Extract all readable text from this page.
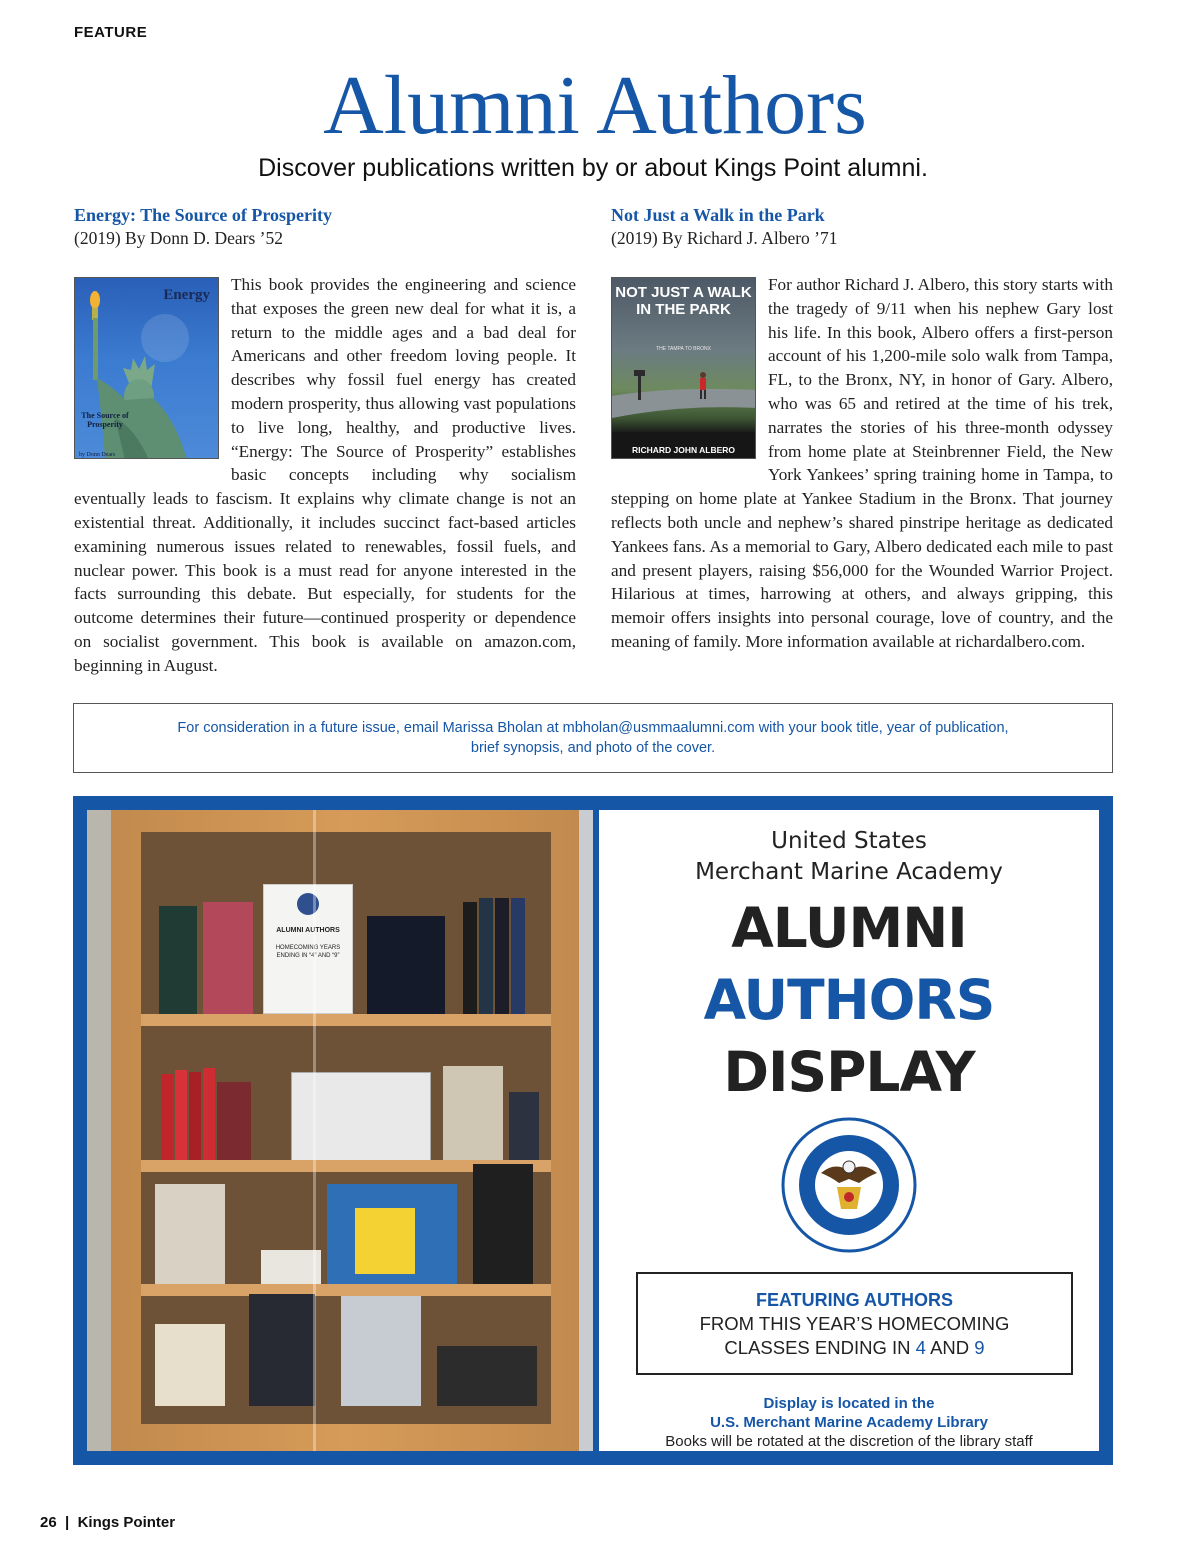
FEATURE
Alumni Authors
Discover publications written by or about Kings Point alumni.
Energy: The Source of Prosperity
(2019) By Donn D. Dears ’52
Energy
The Source of Prosperity
by Donn Dears
This book provides the engineering and science that exposes the green new deal for what it is, a return to the middle ages and a bad deal for Americans and other freedom loving people. It describes why fossil fuel energy has created modern prosperity, thus allowing vast populations to live long, healthy, and productive lives. “Energy: The Source of Prosperity” establishes basic concepts including why socialism eventually leads to fascism. It explains why climate change is not an existential threat. Additionally, it includes succinct fact-based articles examining numerous issues related to renewables, fossil fuels, and nuclear power. This book is a must read for anyone interested in the facts surrounding this debate. But especially, for students for the outcome determines their future—continued prosperity or dependence on socialist government. This book is available on amazon.com, beginning in August.
Not Just a Walk in the Park
(2019) By Richard J. Albero ’71
NOT JUST A WALK IN THE PARK
THE TAMPA TO BRONX
RICHARD JOHN ALBERO
For author Richard J. Albero, this story starts with the tragedy of 9/11 when his nephew Gary lost his life. In this book, Albero offers a first-person account of his 1,200-mile solo walk from Tampa, FL, to the Bronx, NY, in honor of Gary. Albero, who was 65 and retired at the time of his trek, narrates the stories of his three-month odyssey from home plate at Steinbrenner Field, the New York Yankees’ spring training home in Tampa, to stepping on home plate at Yankee Stadium in the Bronx. That journey reflects both uncle and nephew’s shared pinstripe heritage as dedicated Yankees fans. As a memorial to Gary, Albero dedicated each mile to past and present players, raising $56,000 for the Wounded Warrior Project. Hilarious at times, harrowing at others, and always gripping, this memoir offers insights into personal courage, love of country, and the meaning of family. More information available at richardalbero.com.
For consideration in a future issue, email Marissa Bholan at mbholan@usmmaalumni.com with your book title, year of publication, brief synopsis, and photo of the cover.
ALUMNI AUTHORS
HOMECOMING YEARS ENDING IN “4” AND “9”
United States
Merchant Marine Academy
ALUMNI
AUTHORS
DISPLAY
FEATURING AUTHORS
FROM THIS YEAR’S HOMECOMING
CLASSES ENDING IN 4 AND 9
Display is located in the
U.S. Merchant Marine Academy Library
Books will be rotated at the discretion of the library staff
26 | Kings Pointer
